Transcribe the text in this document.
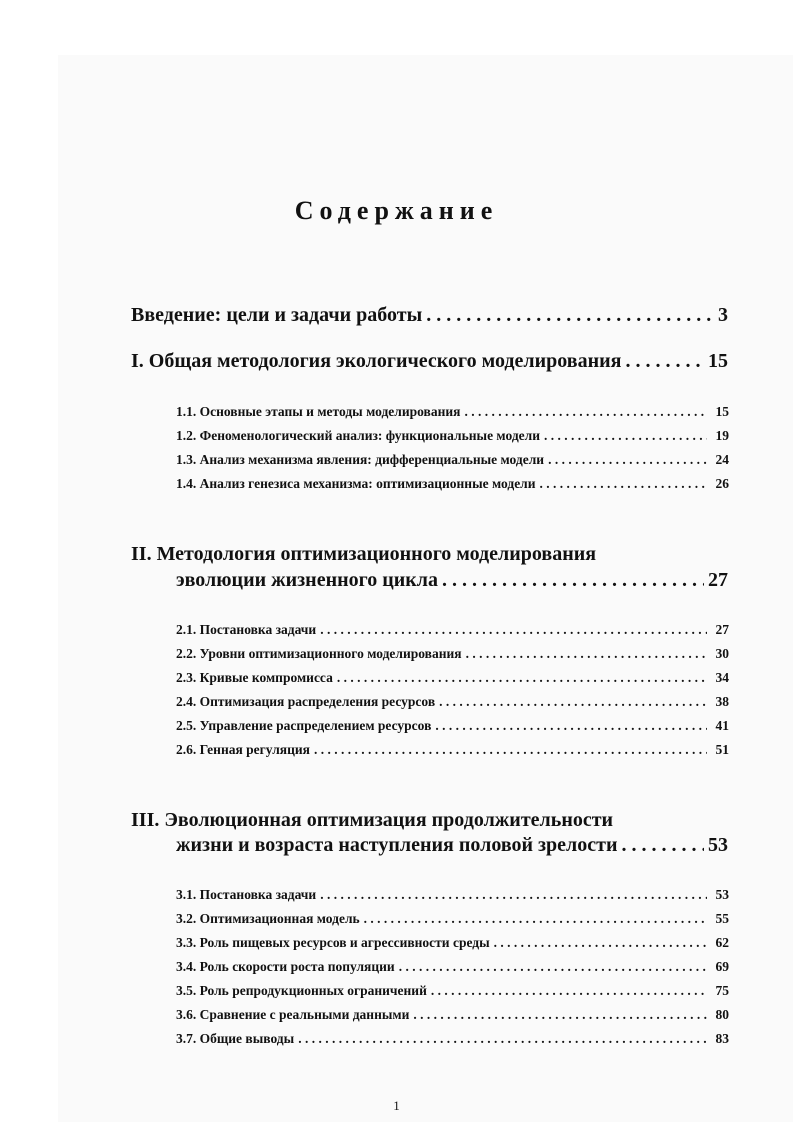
Содержание
Введение: цели и задачи работы . . .	3
I. Общая методология экологического моделирования . . .	15
1.1. Основные этапы и методы моделирования . . .	15
1.2. Феноменологический анализ: функциональные модели . . .	19
1.3. Анализ механизма явления: дифференциальные модели . . .	24
1.4. Анализ генезиса механизма: оптимизационные модели . . .	26
II. Методология оптимизационного моделирования
эволюции жизненного цикла . . .	27
2.1. Постановка задачи . . .	27
2.2. Уровни оптимизационного моделирования . . .	30
2.3. Кривые компромисса . . .	34
2.4. Оптимизация распределения ресурсов . . .	38
2.5. Управление распределением ресурсов . . .	41
2.6. Генная регуляция . . .	51
III. Эволюционная оптимизация продолжительности
жизни и возраста наступления половой зрелости . . .	53
3.1. Постановка задачи . . .	53
3.2. Оптимизационная модель . . .	55
3.3. Роль пищевых ресурсов и агрессивности среды . . .	62
3.4. Роль скорости роста популяции . . .	69
3.5. Роль репродукционных ограничений . . .	75
3.6. Сравнение с реальными данными . . .	80
3.7. Общие выводы . . .	83
1
